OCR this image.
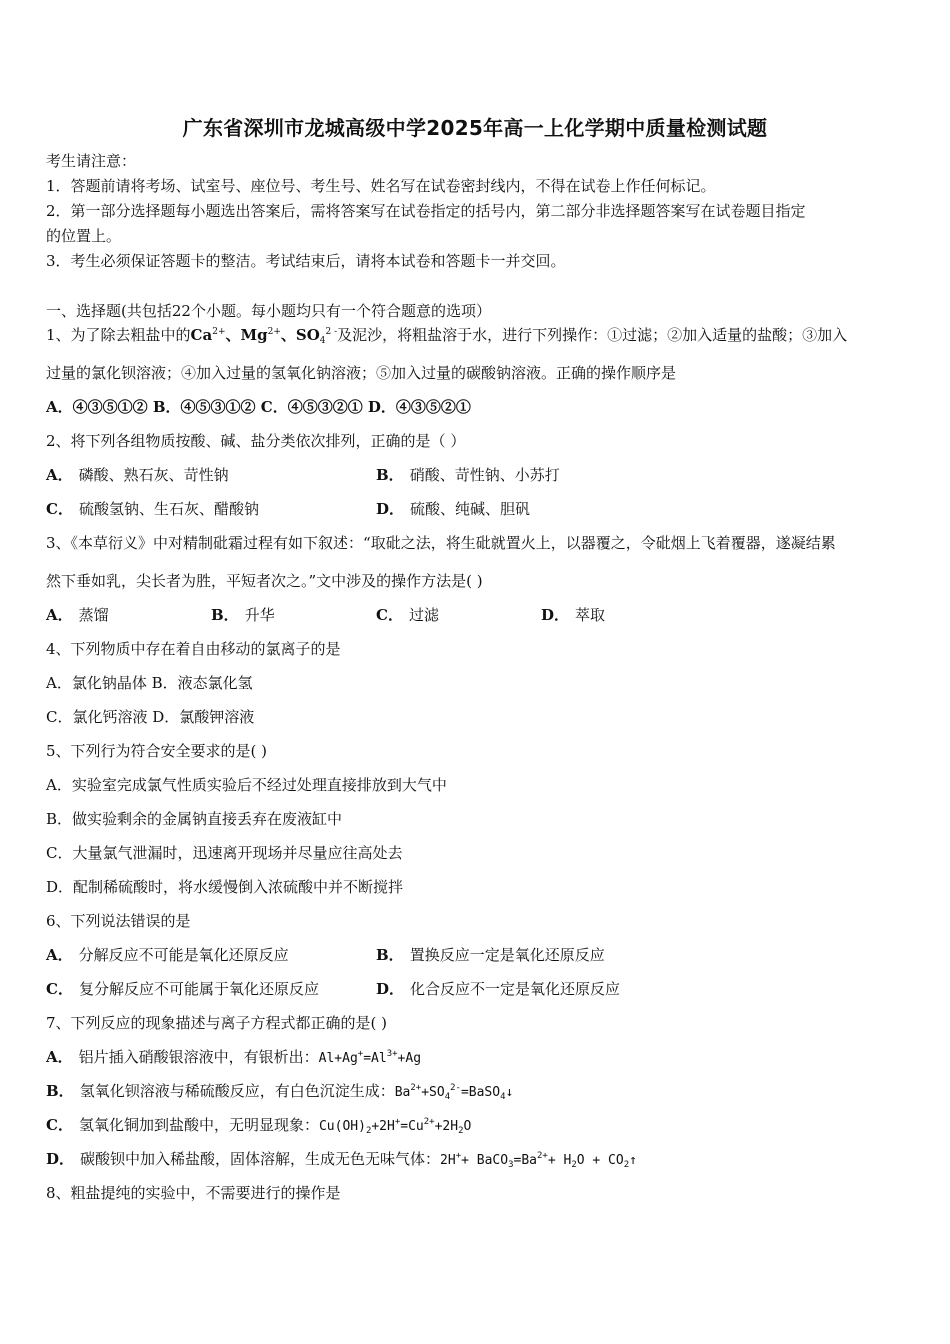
广东省深圳市龙城高级中学2025年高一上化学期中质量检测试题
考生请注意：
1．答题前请将考场、试室号、座位号、考生号、姓名写在试卷密封线内，不得在试卷上作任何标记。
2．第一部分选择题每小题选出答案后，需将答案写在试卷指定的括号内，第二部分非选择题答案写在试卷题目指定
的位置上。
3．考生必须保证答题卡的整洁。考试结束后，请将本试卷和答题卡一并交回。
一、选择题(共包括22个小题。每小题均只有一个符合题意的选项）
1、为了除去粗盐中的$Ca^{2+}$、$Mg^{2+}$、$SO_4^{2 -}$及泥沙，将粗盐溶于水，进行下列操作：①过滤；②加入适量的盐酸；③加入
过量的氯化钡溶液；④加入过量的氢氧化钠溶液；⑤加入过量的碳酸钠溶液。正确的操作顺序是
A．④③⑤①② B．④⑤③①② C．④⑤③②① D．④③⑤②①
2、将下列各组物质按酸、碱、盐分类依次排列，正确的是（ ）
A． 磷酸、熟石灰、苛性钠	B． 硝酸、苛性钠、小苏打
C． 硫酸氢钠、生石灰、醋酸钠	D． 硫酸、纯碱、胆矾
3、《本草衍义》中对精制砒霜过程有如下叙述：“取砒之法，将生砒就置火上，以器覆之，令砒烟上飞着覆器，遂凝结累
然下垂如乳，尖长者为胜，平短者次之。”文中涉及的操作方法是( )
A． 蒸馏	B． 升华	C． 过滤	D． 萃取
4、下列物质中存在着自由移动的氯离子的是
A．氯化钠晶体 B．液态氯化氢
C．氯化钙溶液 D．氯酸钾溶液
5、下列行为符合安全要求的是( )
A．实验室完成氯气性质实验后不经过处理直接排放到大气中
B．做实验剩余的金属钠直接丢弃在废液缸中
C．大量氯气泄漏时，迅速离开现场并尽量应往高处去
D．配制稀硫酸时，将水缓慢倒入浓硫酸中并不断搅拌
6、下列说法错误的是
A． 分解反应不可能是氧化还原反应	B． 置换反应一定是氧化还原反应
C． 复分解反应不可能属于氧化还原反应	D． 化合反应不一定是氧化还原反应
7、下列反应的现象描述与离子方程式都正确的是( )
A． 铝片插入硝酸银溶液中，有银析出：$Al+Ag^+=Al^{3+}+Ag$
B． 氢氧化钡溶液与稀硫酸反应，有白色沉淀生成：$Ba^{2+}+SO_4^{2-}=BaSO_4↓$
C． 氢氧化铜加到盐酸中，无明显现象：$Cu(OH)_2+2H^+=Cu^{2+}+2H_2O$
D． 碳酸钡中加入稀盐酸，固体溶解，生成无色无味气体：$2H^++ BaCO_3=Ba^{2+}+ H_2O$ + $CO_2↑$
8、粗盐提纯的实验中，不需要进行的操作是
